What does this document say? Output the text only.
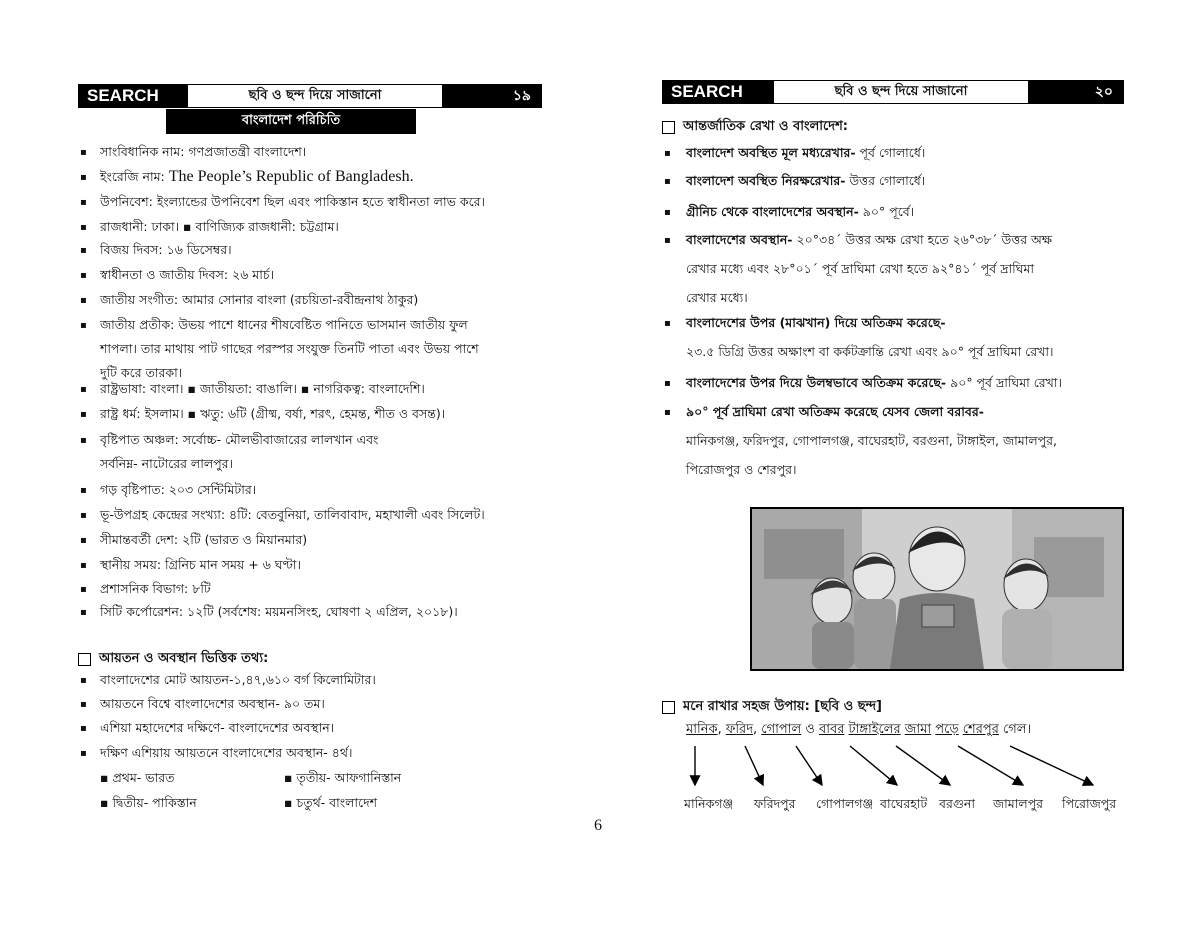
SEARCH	ছবি ও ছন্দ দিয়ে সাজানো	১৯
বাংলাদেশ পরিচিতি
▪ সাংবিধানিক নাম: গণপ্রজাতন্ত্রী বাংলাদেশ।
▪ ইংরেজি নাম: The People’s Republic of Bangladesh.
▪ উপনিবেশ: ইংল্যান্ডের উপনিবেশ ছিল এবং পাকিস্তান হতে স্বাধীনতা লাভ করে।
▪ রাজধানী: ঢাকা। ▪ বাণিজ্যিক রাজধানী: চট্টগ্রাম।
▪ বিজয় দিবস: ১৬ ডিসেম্বর।
▪ স্বাধীনতা ও জাতীয় দিবস: ২৬ মার্চ।
▪ জাতীয় সংগীত: আমার সোনার বাংলা (রচয়িতা-রবীন্দ্রনাথ ঠাকুর)
▪ জাতীয় প্রতীক: উভয় পাশে ধানের শীষবেষ্টিত পানিতে ভাসমান জাতীয় ফুল
শাপলা। তার মাথায় পাট গাছের পরস্পর সংযুক্ত তিনটি পাতা এবং উভয় পাশে
দুটি করে তারকা।
▪ রাষ্ট্রভাষা: বাংলা। ▪ জাতীয়তা: বাঙালি। ▪ নাগরিকত্ব: বাংলাদেশি।
▪ রাষ্ট্র ধর্ম: ইসলাম। ▪ ঋতু: ৬টি (গ্রীষ্ম, বর্ষা, শরৎ, হেমন্ত, শীত ও বসন্ত)।
▪ বৃষ্টিপাত অঞ্চল: সর্বোচ্চ- মৌলভীবাজারের লালখান এবং
সর্বনিম্ন- নাটোরের লালপুর।
▪ গড় বৃষ্টিপাত: ২০৩ সেন্টিমিটার।
▪ ভূ-উপগ্রহ কেন্দ্রের সংখ্যা: ৪টি: বেতবুনিয়া, তালিবাবাদ, মহাখালী এবং সিলেট।
▪ সীমান্তবর্তী দেশ: ২টি (ভারত ও মিয়ানমার)
▪ স্থানীয় সময়: গ্রিনিচ মান সময় + ৬ ঘণ্টা।
▪ প্রশাসনিক বিভাগ: ৮টি
▪ সিটি কর্পোরেশন: ১২টি (সর্বশেষ: ময়মনসিংহ, ঘোষণা ২ এপ্রিল, ২০১৮)।
আয়তন ও অবস্থান ভিত্তিক তথ্য:
▪ বাংলাদেশের মোট আয়তন-১,৪৭,৬১০ বর্গ কিলোমিটার।
▪ আয়তনে বিশ্বে বাংলাদেশের অবস্থান- ৯০ তম।
▪ এশিয়া মহাদেশের দক্ষিণে- বাংলাদেশের অবস্থান।
▪ দক্ষিণ এশিয়ায় আয়তনে বাংলাদেশের অবস্থান- ৪র্থ।
▪ প্রথম- ভারত	▪ তৃতীয়- আফগানিস্তান
▪ দ্বিতীয়- পাকিস্তান	▪ চতুর্থ- বাংলাদেশ
6
SEARCH	ছবি ও ছন্দ দিয়ে সাজানো	২০
আন্তর্জাতিক রেখা ও বাংলাদেশ:
▪ বাংলাদেশ অবস্থিত মূল মধ্যরেখার- পূর্ব গোলার্ধে।
▪ বাংলাদেশ অবস্থিত নিরক্ষরেখার- উত্তর গোলার্ধে।
▪ গ্রীনিচ থেকে বাংলাদেশের অবস্থান- ৯০° পূর্বে।
▪ বাংলাদেশের অবস্থান- ২০°৩৪´ উত্তর অক্ষ রেখা হতে ২৬°৩৮´ উত্তর অক্ষ
রেখার মধ্যে এবং ২৮°০১´ পূর্ব দ্রাঘিমা রেখা হতে ৯২°৪১´ পূর্ব দ্রাঘিমা
রেখার মধ্যে।
▪ বাংলাদেশের উপর (মাঝখান) দিয়ে অতিক্রম করেছে-
২৩.৫ ডিগ্রি উত্তর অক্ষাংশ বা কর্কটক্রান্তি রেখা এবং ৯০° পূর্ব দ্রাঘিমা রেখা।
▪ বাংলাদেশের উপর দিয়ে উলম্বভাবে অতিক্রম করেছে- ৯০° পূর্ব দ্রাঘিমা রেখা।
▪ ৯০° পূর্ব দ্রাঘিমা রেখা অতিক্রম করেছে যেসব জেলা বরাবর-
মানিকগঞ্জ, ফরিদপুর, গোপালগঞ্জ, বাঘেরহাট, বরগুনা, টাঙ্গাইল, জামালপুর,
পিরোজপুর ও শেরপুর।
মনে রাখার সহজ উপায়: [ছবি ও ছন্দ]
মানিক, ফরিদ, গোপাল ও বাবর টাঙ্গাইলের জামা পড়ে শেরপুর গেল।
মানিকগঞ্জ ফরিদপুর গোপালগঞ্জ বাঘেরহাট বরগুনা জামালপুর পিরোজপুর
